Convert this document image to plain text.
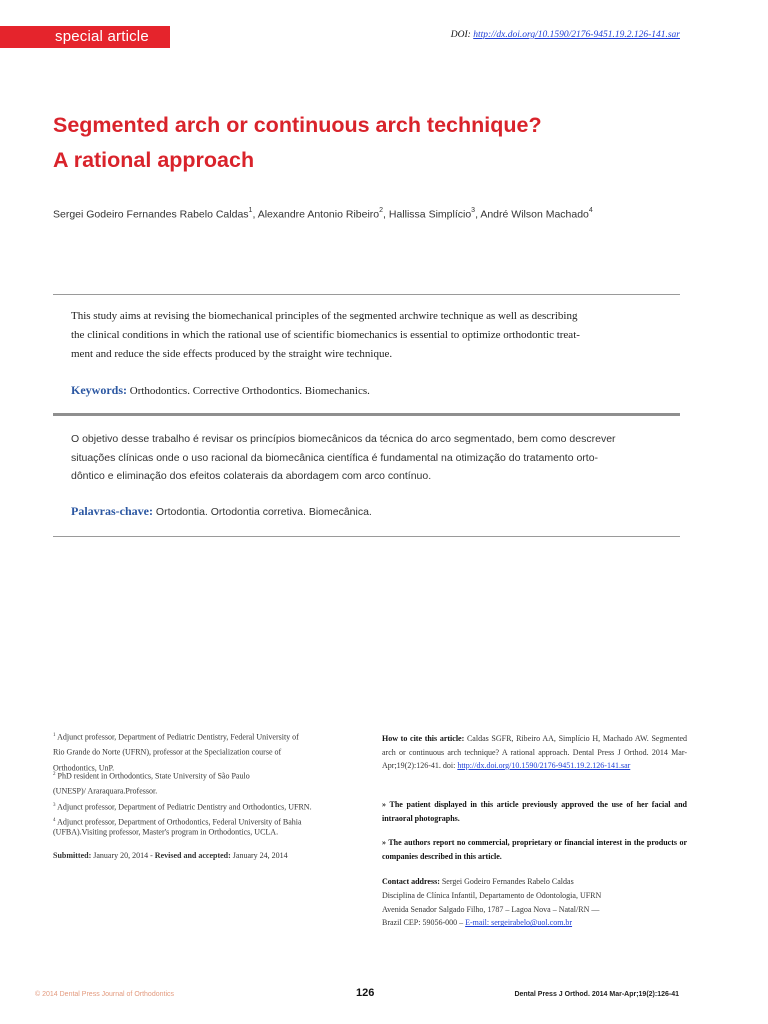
special article	DOI: http://dx.doi.org/10.1590/2176-9451.19.2.126-141.sar
Segmented arch or continuous arch technique?
A rational approach
Sergei Godeiro Fernandes Rabelo Caldas$^1$, Alexandre Antonio Ribeiro$^2$, Hallissa Simplício$^3$, André Wilson Machado$^4$
This study aims at revising the biomechanical principles of the segmented archwire technique as well as describing
the clinical conditions in which the rational use of scientific biomechanics is essential to optimize orthodontic treat-
ment and reduce the side effects produced by the straight wire technique.
Keywords: Orthodontics. Corrective Orthodontics. Biomechanics.
O objetivo desse trabalho é revisar os princípios biomecânicos da técnica do arco segmentado, bem como descrever
situações clínicas onde o uso racional da biomecânica científica é fundamental na otimização do tratamento orto-
dôntico e eliminação dos efeitos colaterais da abordagem com arco contínuo.
Palavras-chave: Ortodontia. Ortodontia corretiva. Biomecânica.
$^1$ Adjunct professor, Department of Pediatric Dentistry, Federal University of
Rio Grande do Norte (UFRN), professor at the Specialization course of
Orthodontics, UnP.
$^2$ PhD resident in Orthodontics, State University of São Paulo
(UNESP)/ Araraquara.Professor.
$^3$ Adjunct professor, Department of Pediatric Dentistry and Orthodontics, UFRN.
$^4$ Adjunct professor, Department of Orthodontics, Federal University of Bahia
(UFBA).Visiting professor, Master's program in Orthodontics, UCLA.
Submitted: January 20, 2014 - Revised and accepted: January 24, 2014
How to cite this article: Caldas SGFR, Ribeiro AA, Simplício H, Machado AW. Segmented arch or continuous arch technique? A rational approach. Dental Press J Orthod. 2014 Mar-Apr;19(2):126-41. doi: http://dx.doi.org/10.1590/2176-9451.19.2.126-141.sar
» The patient displayed in this article previously approved the use of her facial and intraoral photographs.
» The authors report no commercial, proprietary or financial interest in the products or companies described in this article.
Contact address: Sergei Godeiro Fernandes Rabelo Caldas
Disciplina de Clínica Infantil, Departamento de Odontologia, UFRN
Avenida Senador Salgado Filho, 1787 – Lagoa Nova – Natal/RN —
Brazil CEP: 59056-000 – E-mail: sergeirabelo@uol.com.br
© 2014 Dental Press Journal of Orthodontics	126	Dental Press J Orthod. 2014 Mar-Apr;19(2):126-41
